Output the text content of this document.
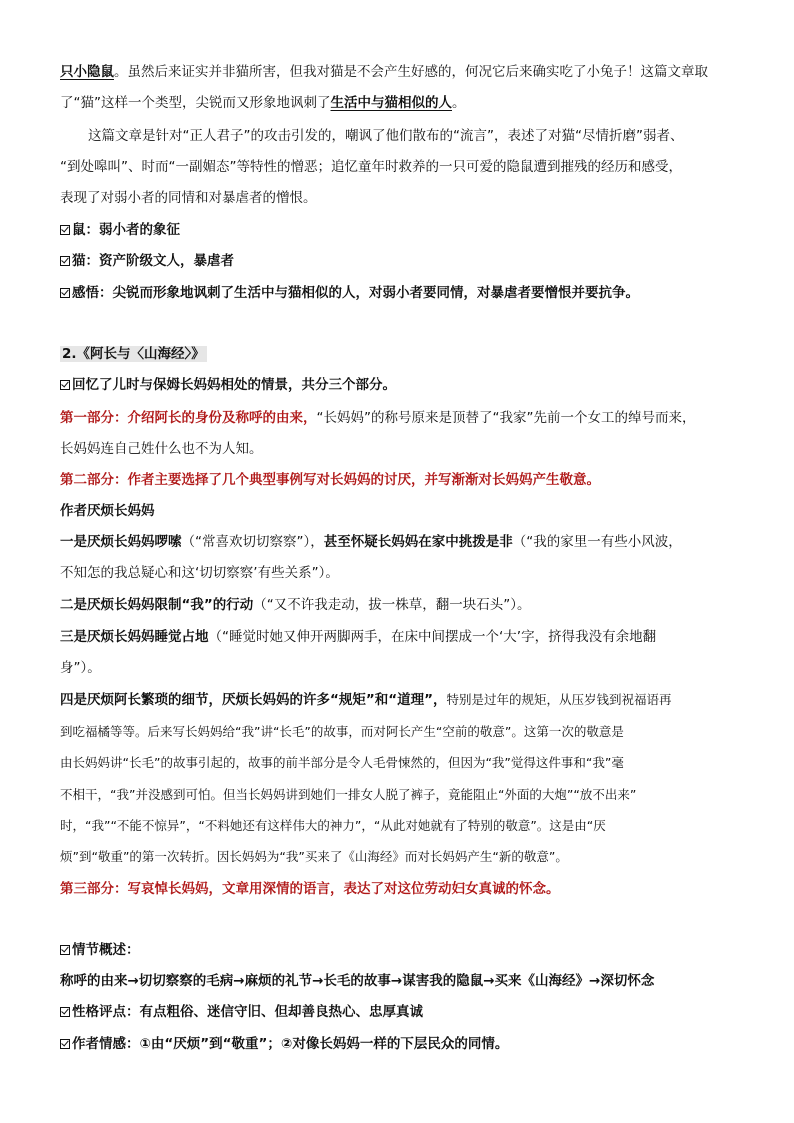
只小隐鼠。虽然后来证实并非猫所害，但我对猫是不会产生好感的，何况它后来确实吃了小兔子！这篇文章取
了“猫”这样一个类型，尖锐而又形象地讽刺了生活中与猫相似的人。
这篇文章是针对“正人君子”的攻击引发的，嘲讽了他们散布的“流言”，表述了对猫“尽情折磨”弱者、
“到处嗥叫”、时而“一副媚态”等特性的憎恶；追忆童年时救养的一只可爱的隐鼠遭到摧残的经历和感受，
表现了对弱小者的同情和对暴虐者的憎恨。
鼠：弱小者的象征
猫：资产阶级文人，暴虐者
感悟：尖锐而形象地讽刺了生活中与猫相似的人，对弱小者要同情，对暴虐者要憎恨并要抗争。
2.《阿长与〈山海经〉》
回忆了儿时与保姆长妈妈相处的情景，共分三个部分。
第一部分：介绍阿长的身份及称呼的由来，“长妈妈”的称号原来是顶替了“我家”先前一个女工的绰号而来，
长妈妈连自己姓什么也不为人知。
第二部分：作者主要选择了几个典型事例写对长妈妈的讨厌，并写渐渐对长妈妈产生敬意。
作者厌烦长妈妈
一是厌烦长妈妈啰嗦（“常喜欢切切察察”），甚至怀疑长妈妈在家中挑拨是非（“我的家里一有些小风波，
不知怎的我总疑心和这‘切切察察’有些关系”）。
二是厌烦长妈妈限制“我”的行动（“又不许我走动，拔一株草，翻一块石头”）。
三是厌烦长妈妈睡觉占地（“睡觉时她又伸开两脚两手，在床中间摆成一个‘大’字，挤得我没有余地翻
身”）。
四是厌烦阿长繁琐的细节，厌烦长妈妈的许多“规矩”和“道理”，特别是过年的规矩，从压岁钱到祝福语再
到吃福橘等等。后来写长妈妈给“我”讲“长毛”的故事，而对阿长产生“空前的敬意”。这第一次的敬意是
由长妈妈讲“长毛”的故事引起的，故事的前半部分是令人毛骨悚然的，但因为“我”觉得这件事和“我”毫
不相干，“我”并没感到可怕。但当长妈妈讲到她们一排女人脱了裤子，竟能阻止“外面的大炮”“放不出来”
时，“我”“不能不惊异”，“不料她还有这样伟大的神力”，“从此对她就有了特别的敬意”。这是由“厌
烦”到“敬重”的第一次转折。因长妈妈为“我”买来了《山海经》而对长妈妈产生“新的敬意”。
第三部分：写哀悼长妈妈，文章用深情的语言，表达了对这位劳动妇女真诚的怀念。
情节概述：
称呼的由来→切切察察的毛病→麻烦的礼节→长毛的故事→谋害我的隐鼠→买来《山海经》→深切怀念
性格评点：有点粗俗、迷信守旧、但却善良热心、忠厚真诚
作者情感：①由“厌烦”到“敬重”；②对像长妈妈一样的下层民众的同情。
